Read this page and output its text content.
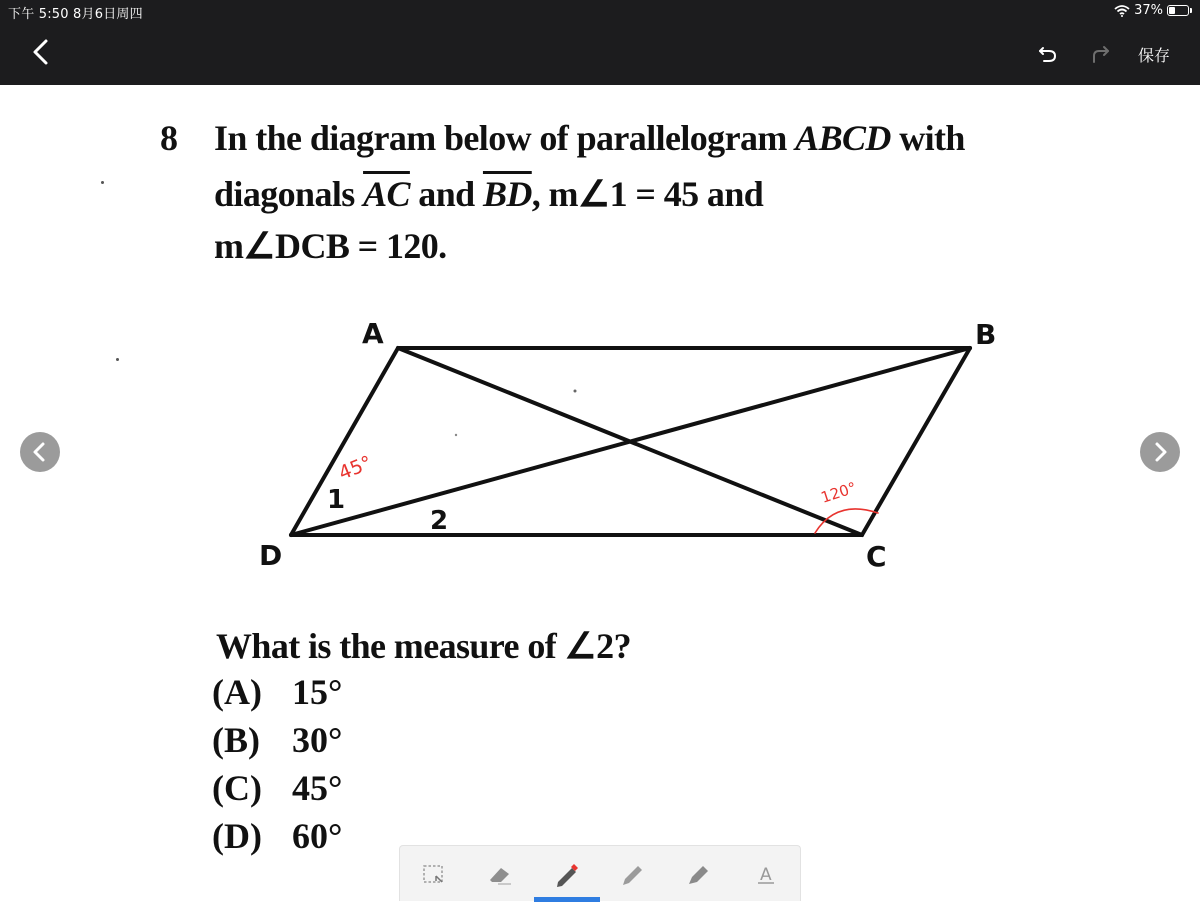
下午 5:50 8月6日周四	37%
保存
8 In the diagram below of parallelogram ABCD with
diagonals $\overline{AC}$ and $\overline{BD}$, m∠1 = 45 and
m∠DCB = 120.
A	B
C
D
1
2
45°
120°
What is the measure of ∠2?
(A) 15°
(B) 30°
(C) 45°
(D) 60°
A
